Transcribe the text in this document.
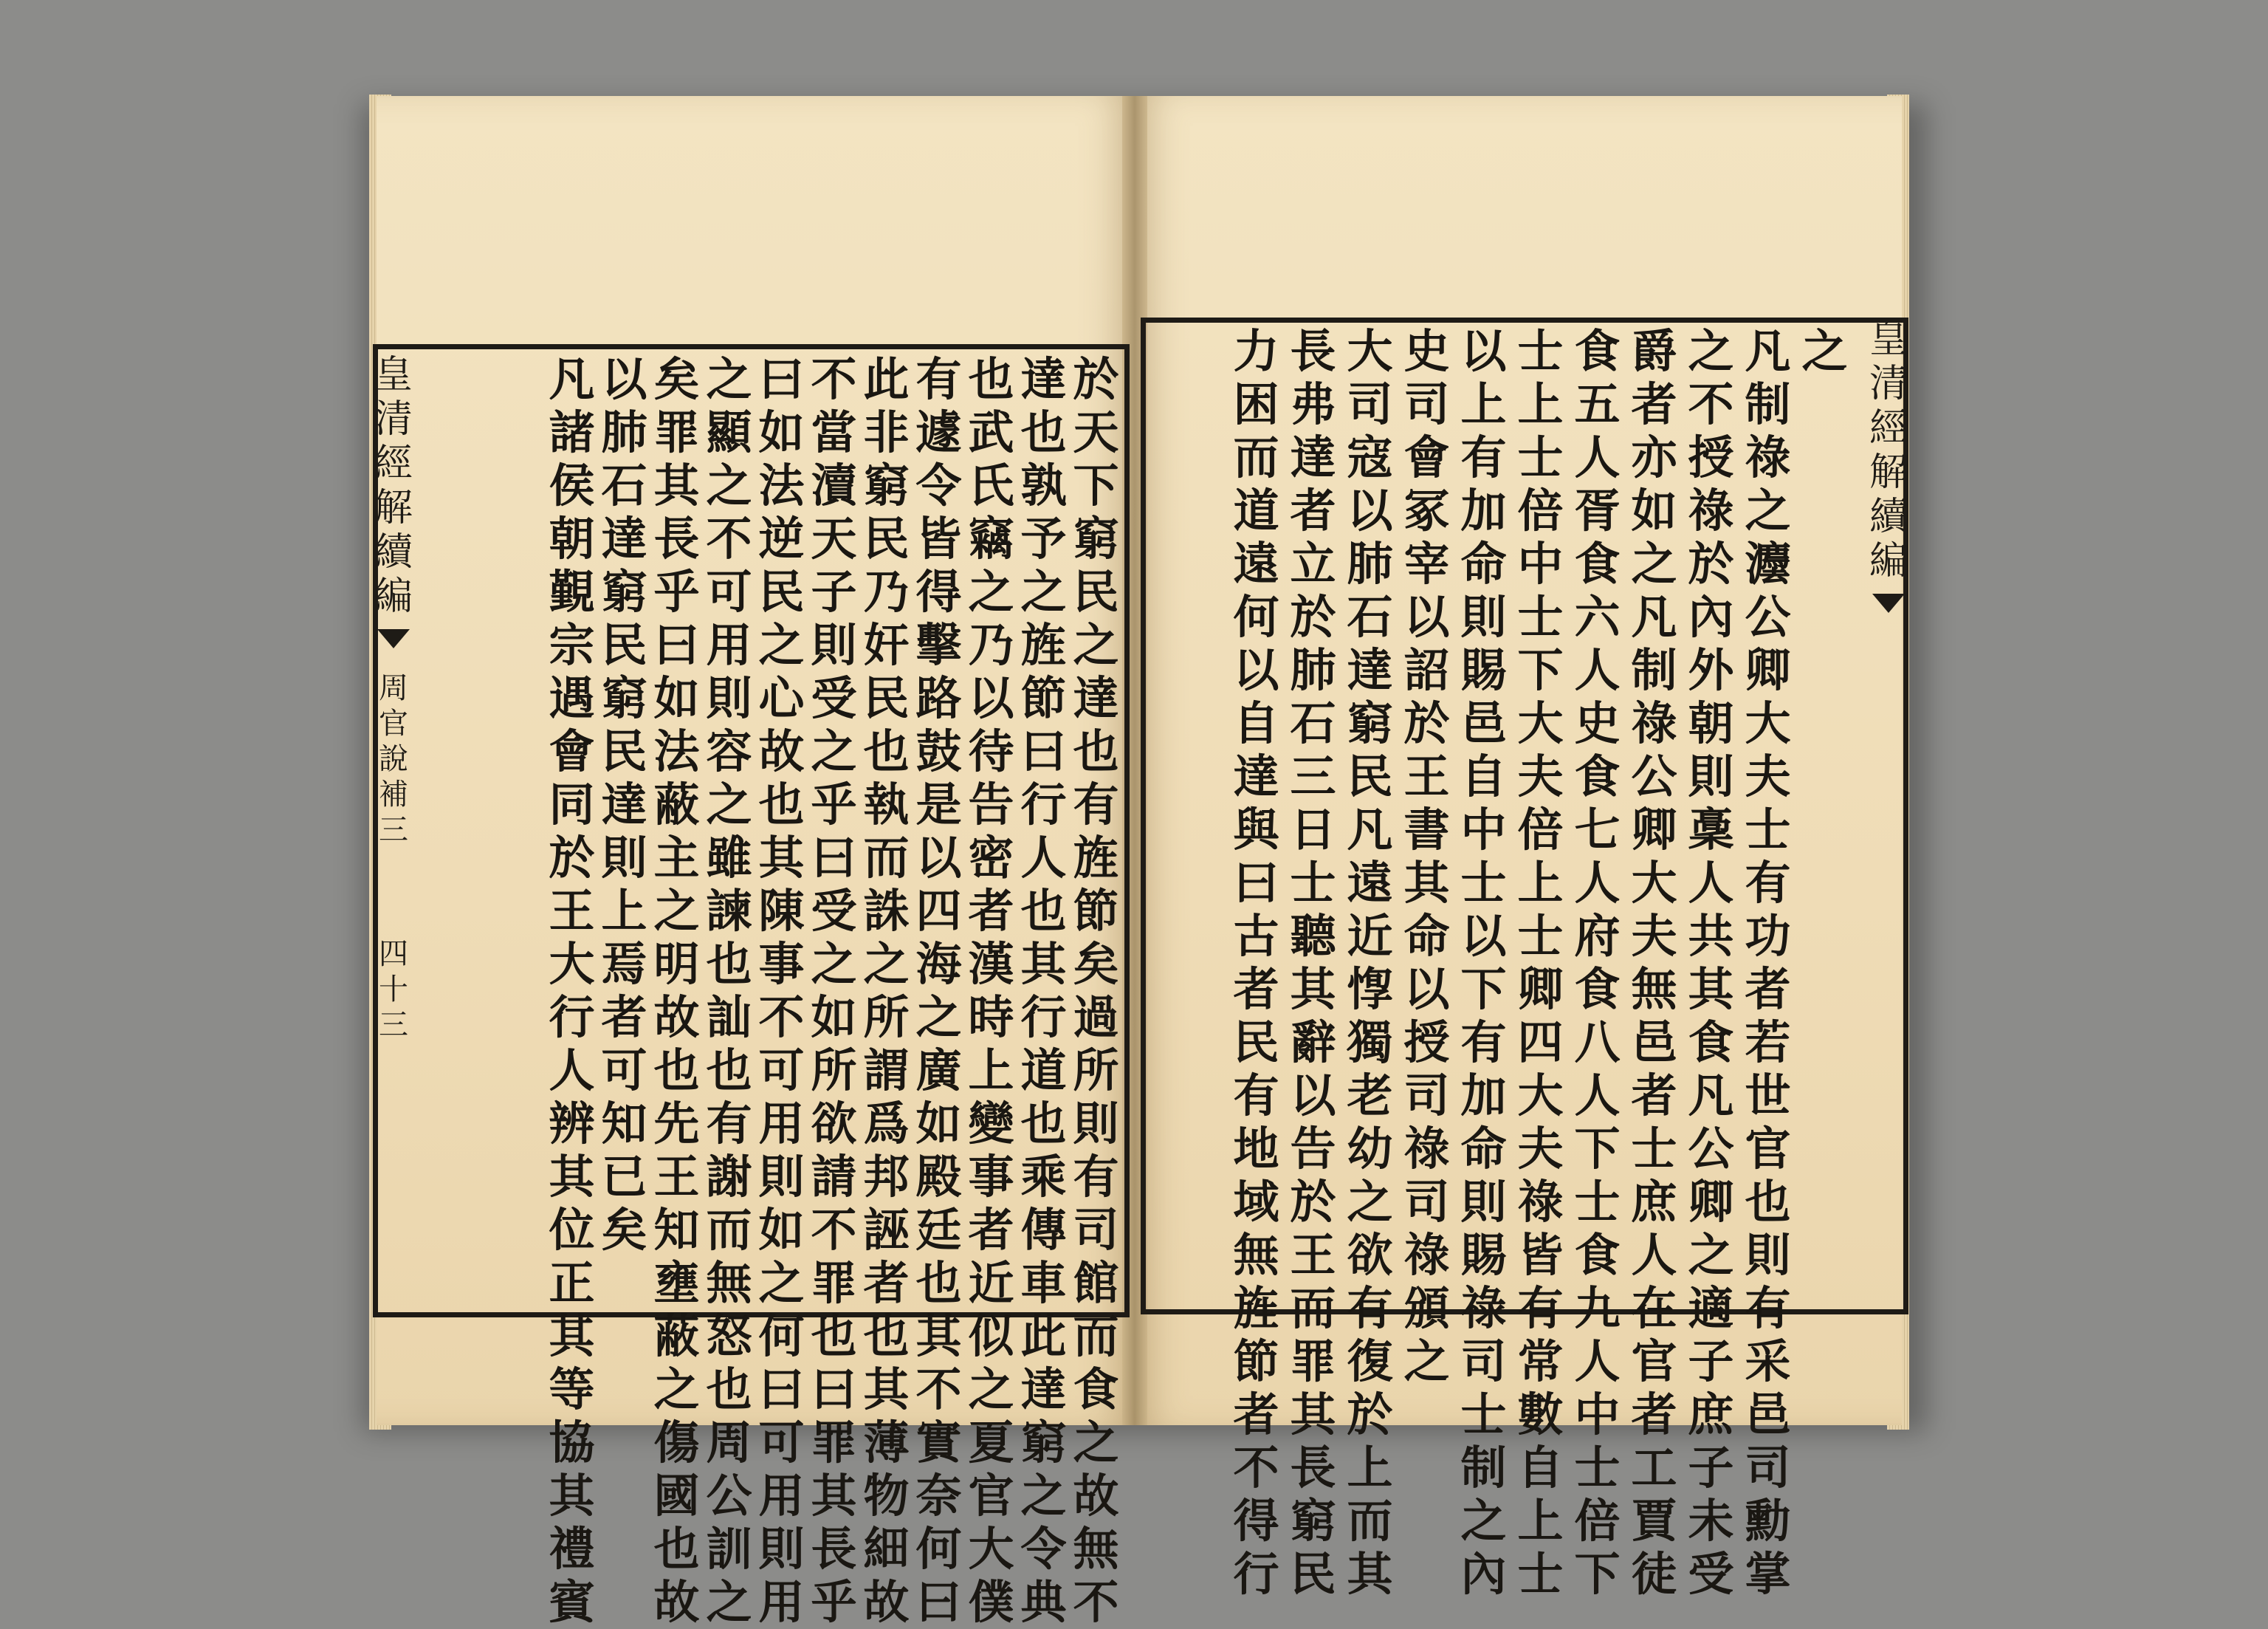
皇清經解續編
周官說補三
四十三
皇清經解續編
於天下窮民之達也有旌節矣過所則有司館而食之故無不
達也孰予之旌節曰行人也其行道也乘傳車此達窮之令典
也武氏竊之乃以待告密者漢時上變事者近似之夏官大僕
有遽令皆得擊路鼓是以四海之廣如殿廷也其不實奈何曰
此非窮民乃奸民也執而誅之所謂爲邦誣者也其薄物細故
不當瀆天子則受之乎曰受之如所欲請不罪也曰罪其長乎
曰如法逆民之心故也其陳事不可用則如之何曰可用則用
之顯之不可用則容之雖諫也訕也有謝而無怒也周公訓之
矣罪其長乎曰如法蔽主之明故也先王知壅蔽之傷國也故
以肺石達窮民窮民達則上焉者可知已矣
凡諸侯朝覲宗遇會同於王大行人辨其位正其等協其禮賓
之
凡制祿之灋公卿大夫士有功者若世官也則有采邑司勳掌
之不授祿於內外朝則稾人共其食凡公卿之適子庶子未受
爵者亦如之凡制祿公卿大夫無邑者士庶人在官者工賈徒
食五人胥食六人史食七人府食八人下士食九人中士倍下
士上士倍中士下大夫倍上士卿四大夫祿皆有常數自上士
以上有加命則賜邑自中士以下有加命則賜祿司士制之內
史司會冢宰以詔於王書其命以授司祿司祿頒之
大司寇以肺石達窮民凡遠近惸獨老幼之欲有復於上而其
長弗達者立於肺石三日士聽其辭以告於王而罪其長窮民
力困而道遠何以自達與曰古者民有地域無旌節者不得行
